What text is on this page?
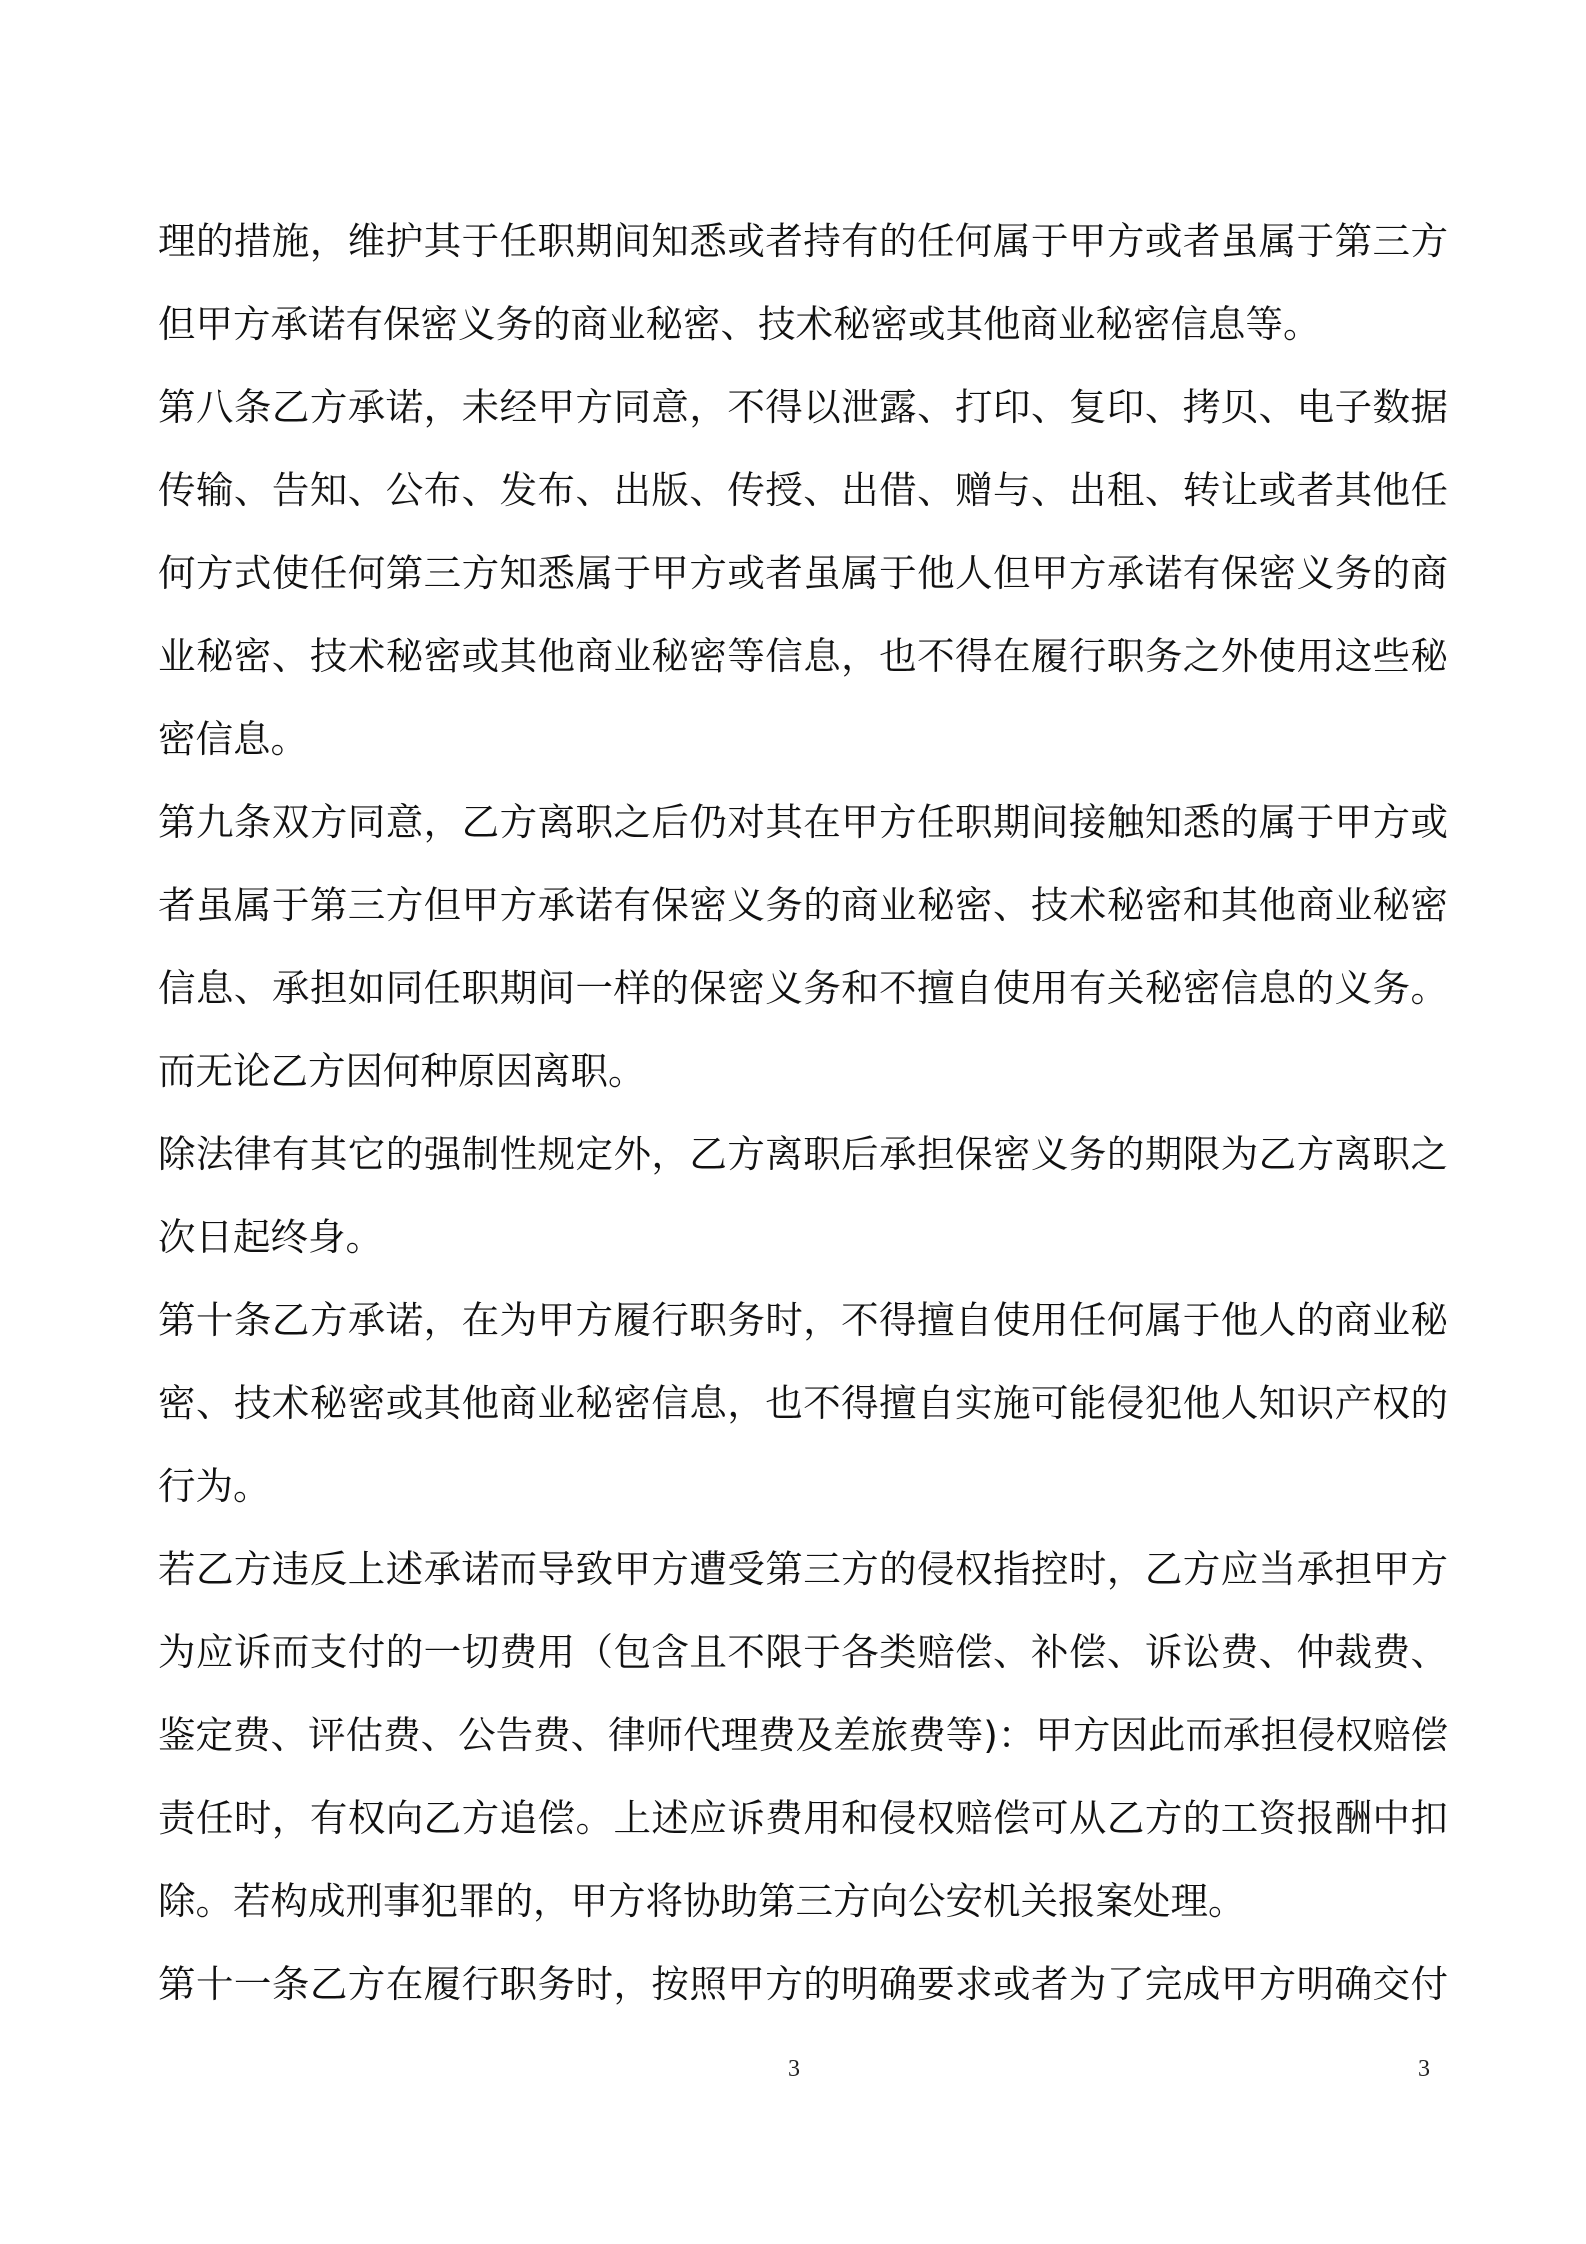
理的措施，维护其于任职期间知悉或者持有的任何属于甲方或者虽属于第三方
但甲方承诺有保密义务的商业秘密、技术秘密或其他商业秘密信息等。
第八条乙方承诺，未经甲方同意，不得以泄露、打印、复印、拷贝、电子数据
传输、告知、公布、发布、出版、传授、出借、赠与、出租、转让或者其他任
何方式使任何第三方知悉属于甲方或者虽属于他人但甲方承诺有保密义务的商
业秘密、技术秘密或其他商业秘密等信息，也不得在履行职务之外使用这些秘
密信息。
第九条双方同意，乙方离职之后仍对其在甲方任职期间接触知悉的属于甲方或
者虽属于第三方但甲方承诺有保密义务的商业秘密、技术秘密和其他商业秘密
信息、承担如同任职期间一样的保密义务和不擅自使用有关秘密信息的义务。
而无论乙方因何种原因离职。
除法律有其它的强制性规定外，乙方离职后承担保密义务的期限为乙方离职之
次日起终身。
第十条乙方承诺，在为甲方履行职务时，不得擅自使用任何属于他人的商业秘
密、技术秘密或其他商业秘密信息，也不得擅自实施可能侵犯他人知识产权的
行为。
若乙方违反上述承诺而导致甲方遭受第三方的侵权指控时，乙方应当承担甲方
为应诉而支付的一切费用（包含且不限于各类赔偿、补偿、诉讼费、仲裁费、
鉴定费、评估费、公告费、律师代理费及差旅费等)：甲方因此而承担侵权赔偿
责任时，有权向乙方追偿。上述应诉费用和侵权赔偿可从乙方的工资报酬中扣
除。若构成刑事犯罪的，甲方将协助第三方向公安机关报案处理。
第十一条乙方在履行职务时，按照甲方的明确要求或者为了完成甲方明确交付
3	3
